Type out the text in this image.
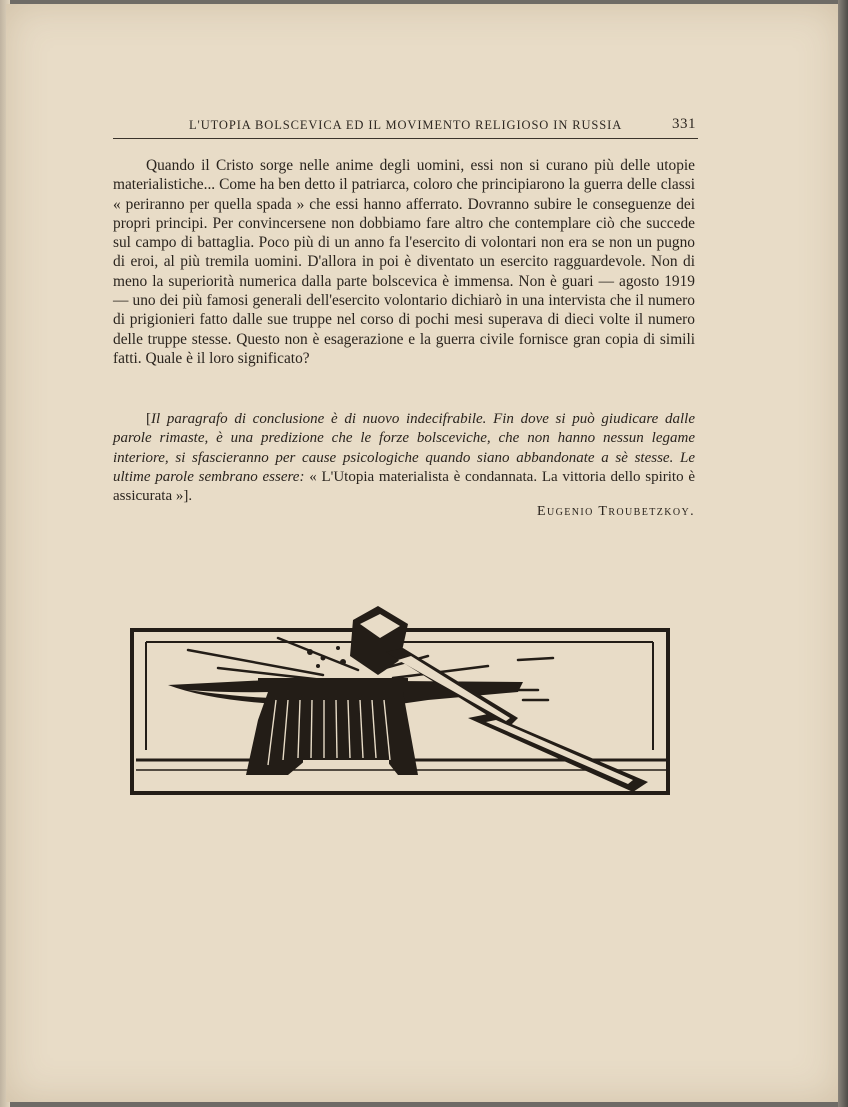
L'UTOPIA BOLSCEVICA ED IL MOVIMENTO RELIGIOSO IN RUSSIA	331

Quando il Cristo sorge nelle anime degli uomini, essi non si curano più delle utopie materialistiche... Come ha ben detto il patriarca, coloro che principiarono la guerra delle classi « periranno per quella spada » che essi hanno afferrato. Dovranno subire le conseguenze dei propri principi. Per convincersene non dobbiamo fare altro che contemplare ciò che succede sul campo di battaglia. Poco più di un anno fa l'esercito di volontari non era se non un pugno di eroi, al più tremila uomini. D'allora in poi è diventato un esercito ragguardevole. Non di meno la superiorità numerica dalla parte bolscevica è immensa. Non è guari — agosto 1919 — uno dei più famosi generali dell'esercito volontario dichiarò in una intervista che il numero di prigionieri fatto dalle sue truppe nel corso di pochi mesi superava di dieci volte il numero delle truppe stesse. Questo non è esagerazione e la guerra civile fornisce gran copia di simili fatti. Quale è il loro significato?

[Il paragrafo di conclusione è di nuovo indecifrabile. Fin dove si può giudicare dalle parole rimaste, è una predizione che le forze bolsceviche, che non hanno nessun legame interiore, si sfascieranno per cause psicologiche quando siano abbandonate a sè stesse. Le ultime parole sembrano essere: « L'Utopia materialista è condannata. La vittoria dello spirito è assicurata »].

Eugenio Troubetzkoy.
